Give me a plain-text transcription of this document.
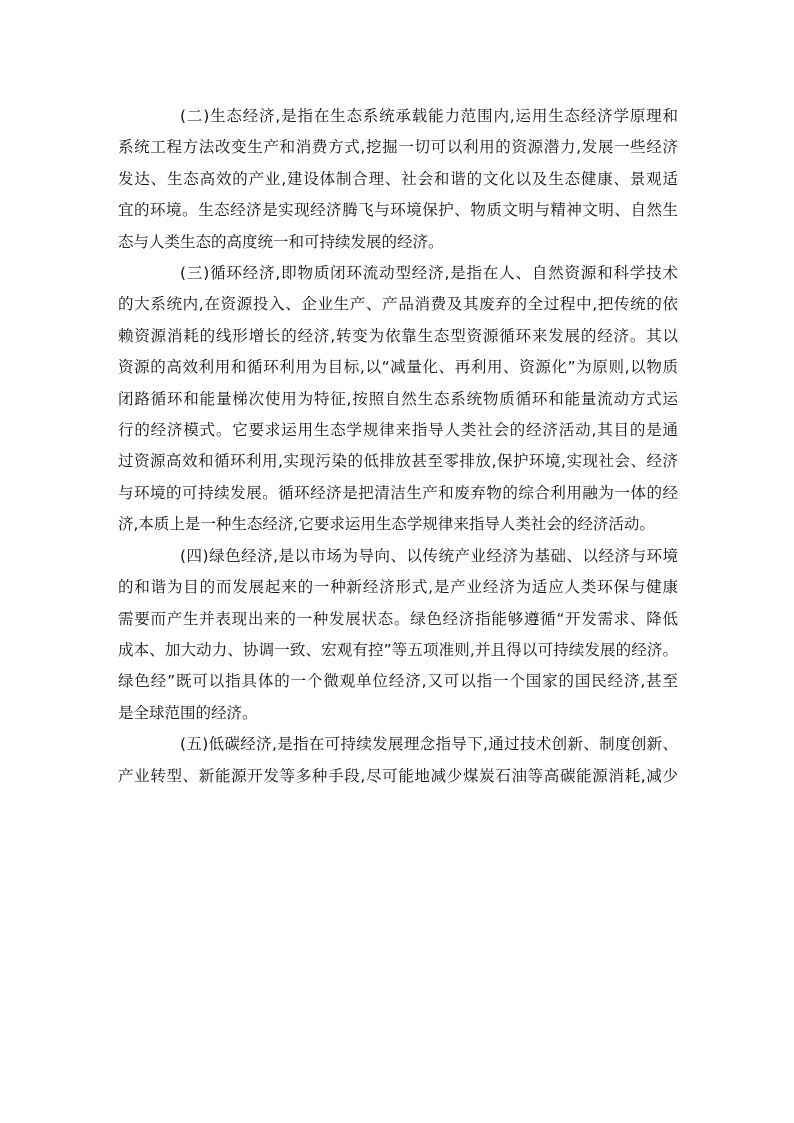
(二)生态经济,是指在生态系统承载能力范围内,运用生态经济学原理和
系统工程方法改变生产和消费方式,挖掘一切可以利用的资源潜力,发展一些经济
发达、生态高效的产业,建设体制合理、社会和谐的文化以及生态健康、景观适
宜的环境。生态经济是实现经济腾飞与环境保护、物质文明与精神文明、自然生
态与人类生态的高度统一和可持续发展的经济。
(三)循环经济,即物质闭环流动型经济,是指在人、自然资源和科学技术
的大系统内,在资源投入、企业生产、产品消费及其废弃的全过程中,把传统的依
赖资源消耗的线形增长的经济,转变为依靠生态型资源循环来发展的经济。其以
资源的高效利用和循环利用为目标,以“减量化、再利用、资源化”为原则,以物质
闭路循环和能量梯次使用为特征,按照自然生态系统物质循环和能量流动方式运
行的经济模式。它要求运用生态学规律来指导人类社会的经济活动,其目的是通
过资源高效和循环利用,实现污染的低排放甚至零排放,保护环境,实现社会、经济
与环境的可持续发展。循环经济是把清洁生产和废弃物的综合利用融为一体的经
济,本质上是一种生态经济,它要求运用生态学规律来指导人类社会的经济活动。
(四)绿色经济,是以市场为导向、以传统产业经济为基础、以经济与环境
的和谐为目的而发展起来的一种新经济形式,是产业经济为适应人类环保与健康
需要而产生并表现出来的一种发展状态。绿色经济指能够遵循“开发需求、降低
成本、加大动力、协调一致、宏观有控”等五项准则,并且得以可持续发展的经济。
绿色经”既可以指具体的一个微观单位经济,又可以指一个国家的国民经济,甚至
是全球范围的经济。
(五)低碳经济,是指在可持续发展理念指导下,通过技术创新、制度创新、
产业转型、新能源开发等多种手段,尽可能地减少煤炭石油等高碳能源消耗,减少
